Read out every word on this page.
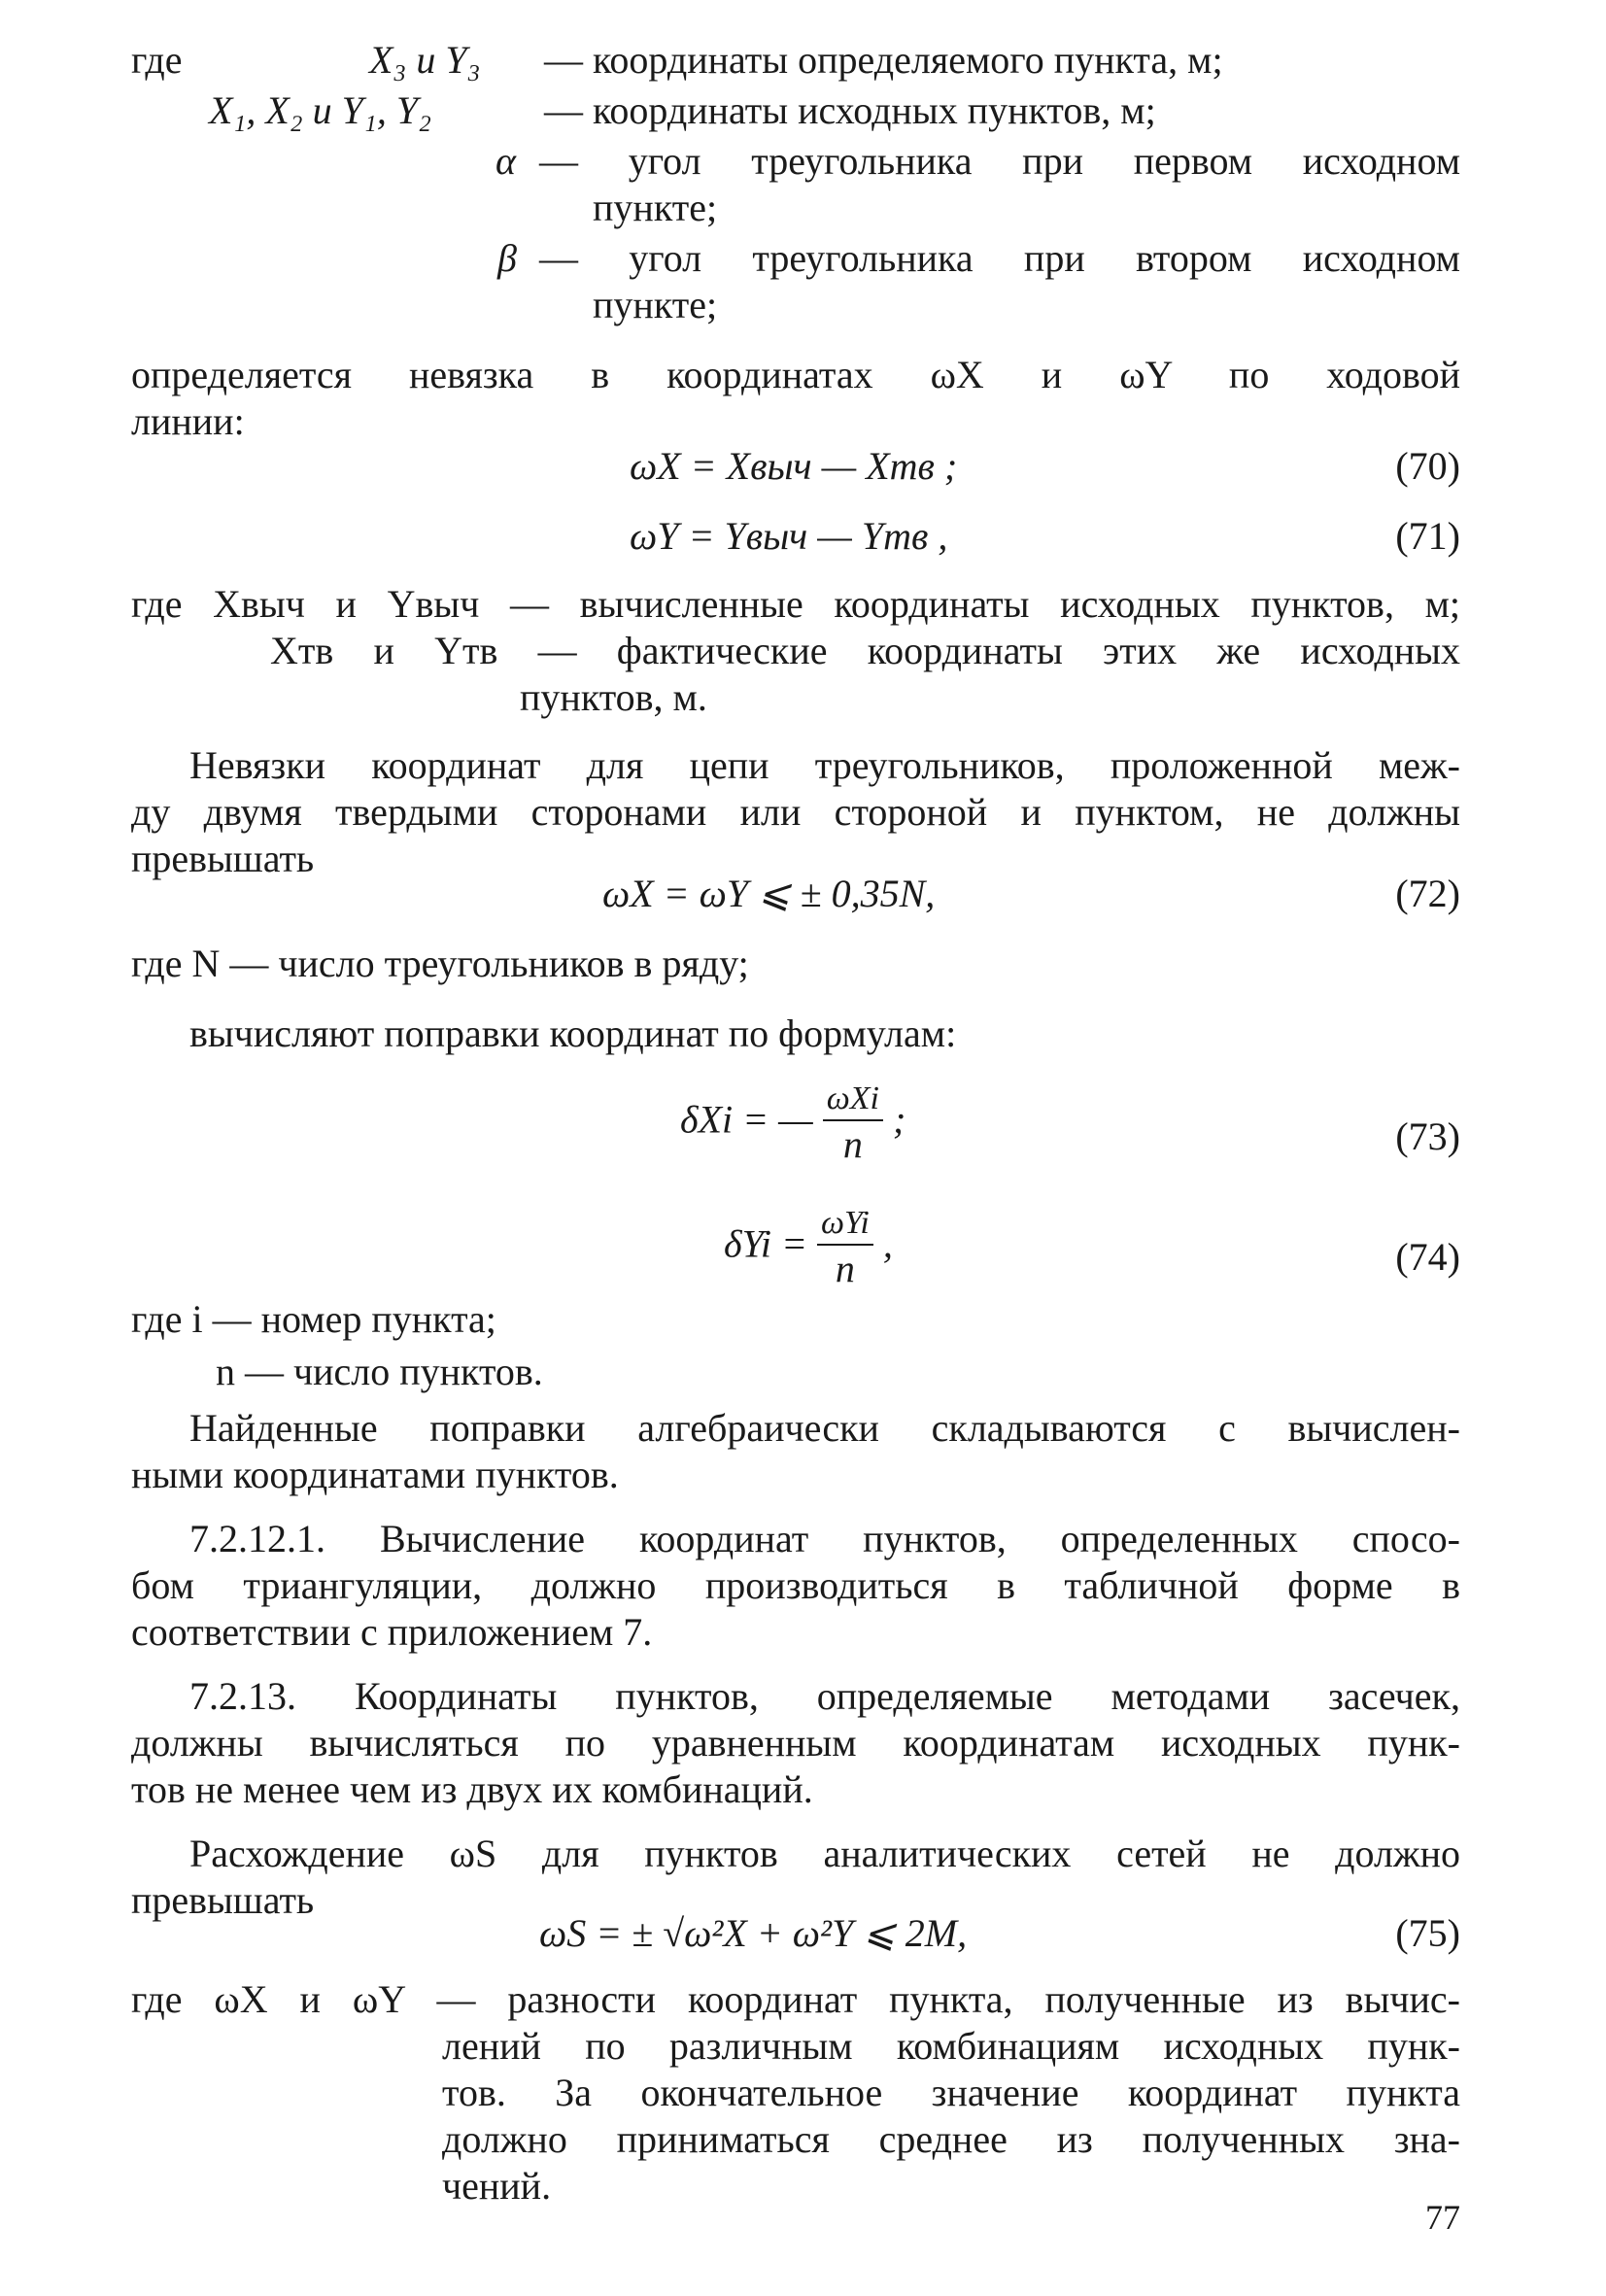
где	X₃ и Y₃ — координаты определяемого пункта, м;
X₁, X₂ и Y₁, Y₂	— координаты исходных пунктов, м;
α — угол треугольника при первом исходном
пункте;
β — угол треугольника при втором исходном
пункте;
определяется невязка в координатах ωX и ωY по ходовой
линии:
ωX = Xвыч — Xтв ;	(70)
ωY = Yвыч — Yтв ,	(71)
где Xвыч и Yвыч — вычисленные координаты исходных пунктов, м;
Xтв и Yтв — фактические координаты этих же исходных
пунктов, м.
Невязки координат для цепи треугольников, проложенной меж-
ду двумя твердыми сторонами или стороной и пунктом, не должны
превышать
ωX = ωY ⩽ ± 0,35N,	(72)
где N — число треугольников в ряду;
вычисляют поправки координат по формулам:
δXi = — $\frac{\text{ωXi}}{n}$ ;	(73)
$\delta Yi = \frac{\text{ωYi}}{n}$ ,	(74)
где i — номер пункта;
n — число пунктов.
Найденные поправки алгебраически складываются с вычислен-
ными координатами пунктов.
7.2.12.1. Вычисление координат пунктов, определенных спосо-
бом триангуляции, должно производиться в табличной форме в
соответствии с приложением 7.
7.2.13. Координаты пунктов, определяемые методами засечек,
должны вычисляться по уравненным координатам исходных пунк-
тов не менее чем из двух их комбинаций.
Расхождение ωS для пунктов аналитических сетей не должно
превышать
ωS = ± √ω²X + ω²Y ⩽ 2M,	(75)
где ωX и ωY — разности координат пункта, полученные из вычис-
лений по различным комбинациям исходных пунк-
тов. За окончательное значение координат пункта
должно приниматься среднее из полученных зна-
чений.
77
